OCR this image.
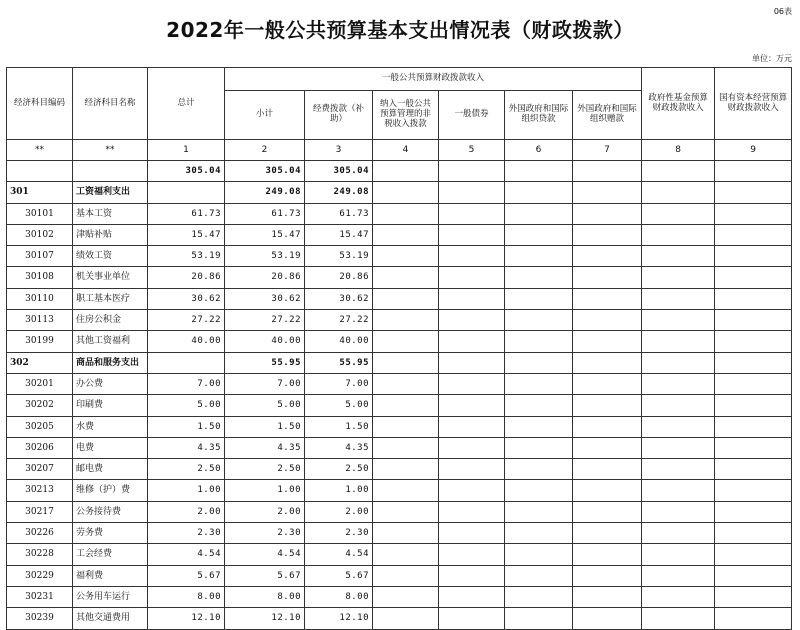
06表
2022年一般公共预算基本支出情况表（财政拨款）
单位：万元
经济科目编码	经济科目名称	总计	一般公共预算财政拨款收入						政府性基金预算财政拨款收入	国有资本经营预算财政拨款收入
			小计	经费拨款（补助）	纳入一般公共预算管理的非税收入拨款	一般债券	外国政府和国际组织贷款	外国政府和国际组织赠款		
**	**	1	2	3	4	5	6	7	8	9
		305.04	305.04	305.04						
301	工资福利支出		249.08	249.08						
30101	基本工资	61.73	61.73	61.73						
30102	津贴补贴	15.47	15.47	15.47						
30107	绩效工资	53.19	53.19	53.19						
30108	机关事业单位	20.86	20.86	20.86						
30110	职工基本医疗	30.62	30.62	30.62						
30113	住房公积金	27.22	27.22	27.22						
30199	其他工资福利	40.00	40.00	40.00						
302	商品和服务支出		55.95	55.95						
30201	办公费	7.00	7.00	7.00						
30202	印刷费	5.00	5.00	5.00						
30205	水费	1.50	1.50	1.50						
30206	电费	4.35	4.35	4.35						
30207	邮电费	2.50	2.50	2.50						
30213	维修（护）费	1.00	1.00	1.00						
30217	公务接待费	2.00	2.00	2.00						
30226	劳务费	2.30	2.30	2.30						
30228	工会经费	4.54	4.54	4.54						
30229	福利费	5.67	5.67	5.67						
30231	公务用车运行	8.00	8.00	8.00						
30239	其他交通费用	12.10	12.10	12.10						
